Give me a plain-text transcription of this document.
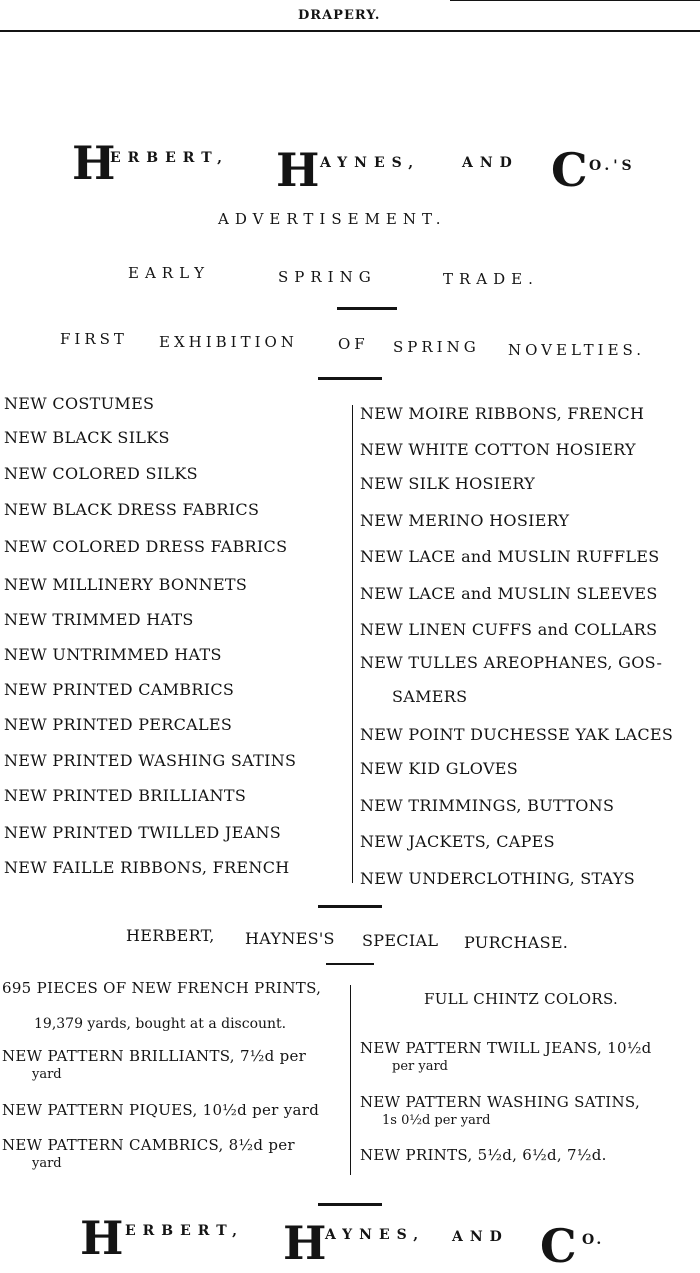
DRAPERY.
H
ERBERT, H AYNES,	AND C O.'S
ADVERTISEMENT.
EARLY	SPRING	TRADE.
FIRST EXHIBITION	OF SPRING NOVELTIES.
NEW COSTUMES
NEW BLACK SILKS
NEW COLORED SILKS
NEW BLACK DRESS FABRICS
NEW COLORED DRESS FABRICS
NEW MILLINERY BONNETS
NEW TRIMMED HATS
NEW UNTRIMMED HATS
NEW PRINTED CAMBRICS
NEW PRINTED PERCALES
NEW PRINTED WASHING SATINS
NEW PRINTED BRILLIANTS
NEW PRINTED TWILLED JEANS
NEW FAILLE RIBBONS, FRENCH
NEW MOIRE RIBBONS, FRENCH
NEW WHITE COTTON HOSIERY
NEW SILK HOSIERY
NEW MERINO HOSIERY
NEW LACE and MUSLIN RUFFLES
NEW LACE and MUSLIN SLEEVES
NEW LINEN CUFFS and COLLARS
NEW TULLES AREOPHANES, GOS-
SAMERS
NEW POINT DUCHESSE YAK LACES
NEW KID GLOVES
NEW TRIMMINGS, BUTTONS
NEW JACKETS, CAPES
NEW UNDERCLOTHING, STAYS
HERBERT, HAYNES'S SPECIAL PURCHASE.
695 PIECES OF NEW FRENCH PRINTS,
19,379 yards, bought at a discount.
NEW PATTERN BRILLIANTS, 7½d per
yard
NEW PATTERN PIQUES, 10½d per yard
NEW PATTERN CAMBRICS, 8½d per
yard
FULL CHINTZ COLORS.
NEW PATTERN TWILL JEANS, 10½d
per yard
NEW PATTERN WASHING SATINS,
1s 0½d per yard
NEW PRINTS, 5½d, 6½d, 7½d.
H ERBERT, H
AYNES, AND C O.
